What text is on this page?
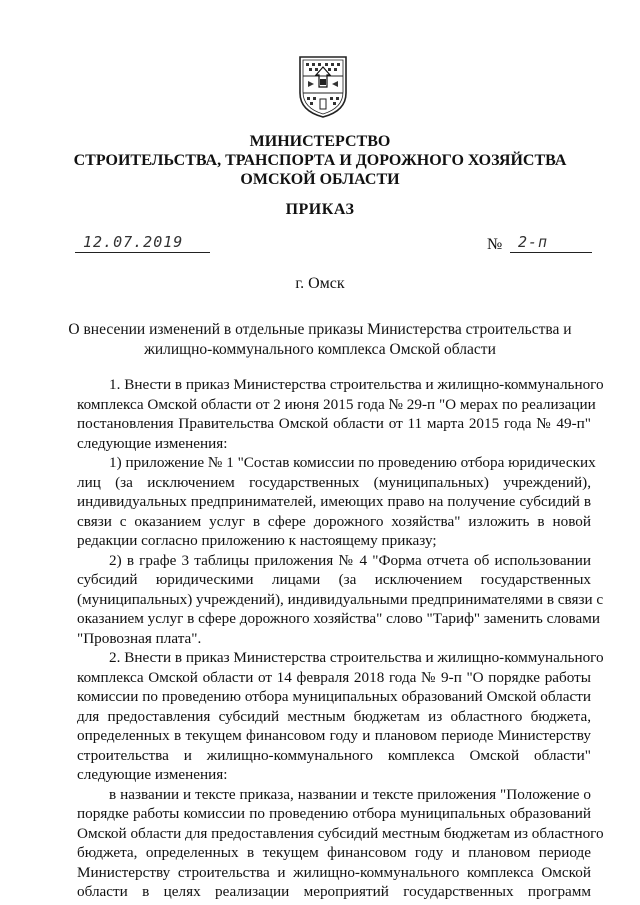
МИНИСТЕРСТВО
СТРОИТЕЛЬСТВА, ТРАНСПОРТА И ДОРОЖНОГО ХОЗЯЙСТВА
ОМСКОЙ ОБЛАСТИ
ПРИКАЗ
12.07.2019	№ 2-п
г. Омск
О внесении изменений в отдельные приказы Министерства строительства и
жилищно-коммунального комплекса Омской области
1. Внести в приказ Министерства строительства и жилищно-коммунального
комплекса Омской области от 2 июня 2015 года № 29-п "О мерах по реализации
постановления Правительства Омской области от 11 марта 2015 года № 49-п"
следующие изменения:
1) приложение № 1 "Состав комиссии по проведению отбора юридических
лиц (за исключением государственных (муниципальных) учреждений),
индивидуальных предпринимателей, имеющих право на получение субсидий в
связи с оказанием услуг в сфере дорожного хозяйства" изложить в новой
редакции согласно приложению к настоящему приказу;
2) в графе 3 таблицы приложения № 4 "Форма отчета об использовании
субсидий юридическими лицами (за исключением государственных
(муниципальных) учреждений), индивидуальными предпринимателями в связи с
оказанием услуг в сфере дорожного хозяйства" слово "Тариф" заменить словами
"Провозная плата".
2. Внести в приказ Министерства строительства и жилищно-коммунального
комплекса Омской области от 14 февраля 2018 года № 9-п "О порядке работы
комиссии по проведению отбора муниципальных образований Омской области
для предоставления субсидий местным бюджетам из областного бюджета,
определенных в текущем финансовом году и плановом периоде Министерству
строительства и жилищно-коммунального комплекса Омской области"
следующие изменения:
в названии и тексте приказа, названии и тексте приложения "Положение о
порядке работы комиссии по проведению отбора муниципальных образований
Омской области для предоставления субсидий местным бюджетам из областного
бюджета, определенных в текущем финансовом году и плановом периоде
Министерству строительства и жилищно-коммунального комплекса Омской
области в целях реализации мероприятий государственных программ
